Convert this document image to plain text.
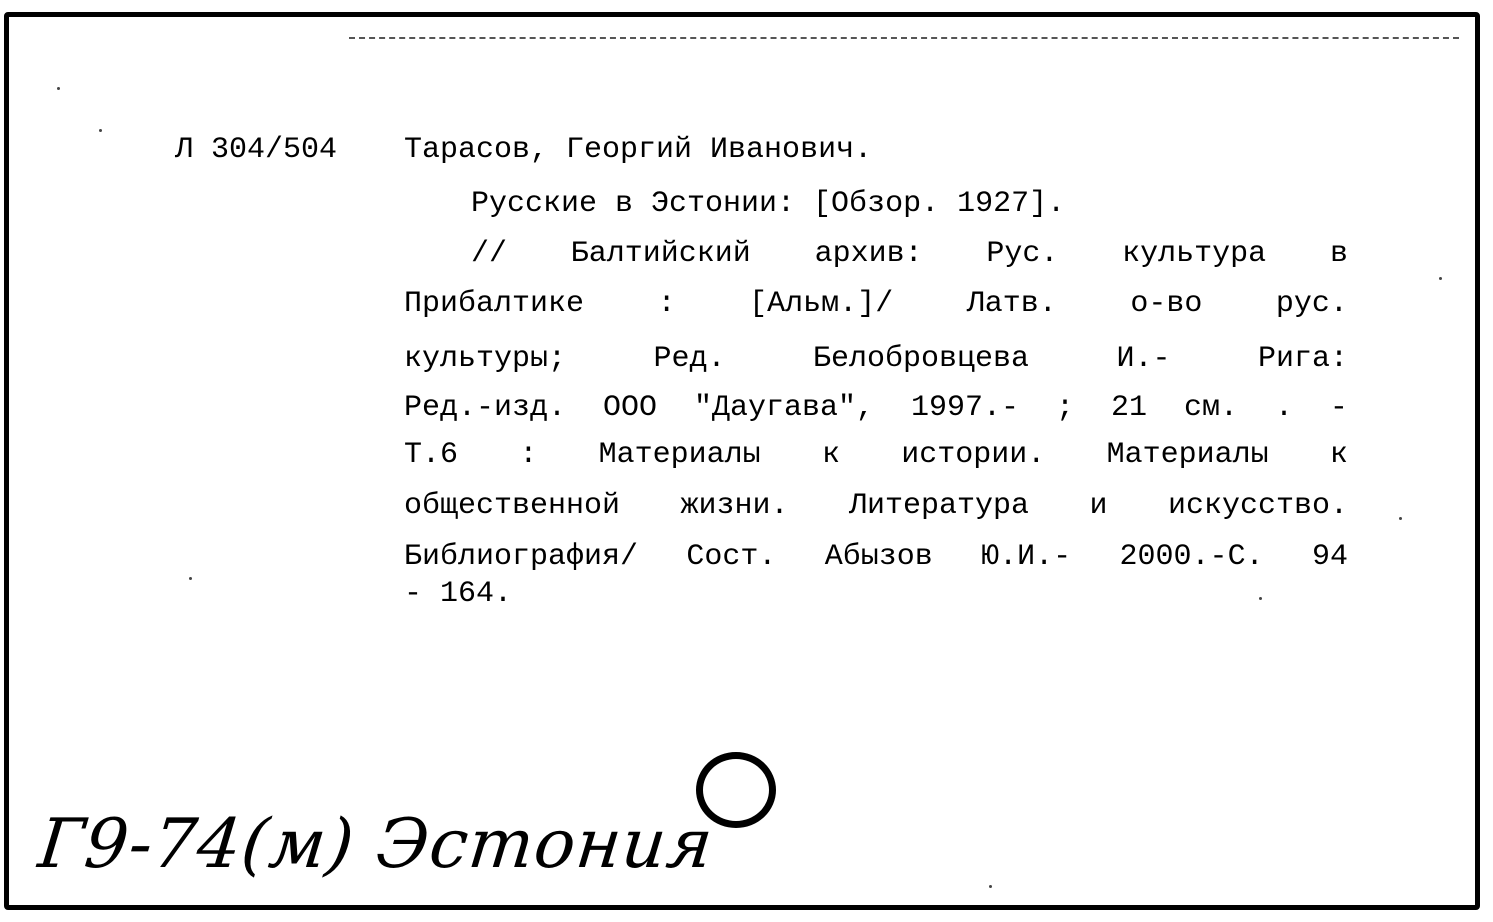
Л 304/504 Тарасов, Георгий Иванович.
Русские в Эстонии: [Обзор. 1927].
// Балтийский архив: Рус. культура в
Прибалтике : [Альм.]/ Латв. о-во рус.
культуры;	Ред.	Белобровцева	И.-	Рига:
Ред.-изд. ООО "Даугава", 1997.- ; 21 см. . -
Т.6 : Материалы к истории. Материалы к
общественной жизни. Литература и искусство.
Библиография/ Сост. Абызов Ю.И.- 2000.-С. 94
- 164.
Г9-74(м) Эстония
